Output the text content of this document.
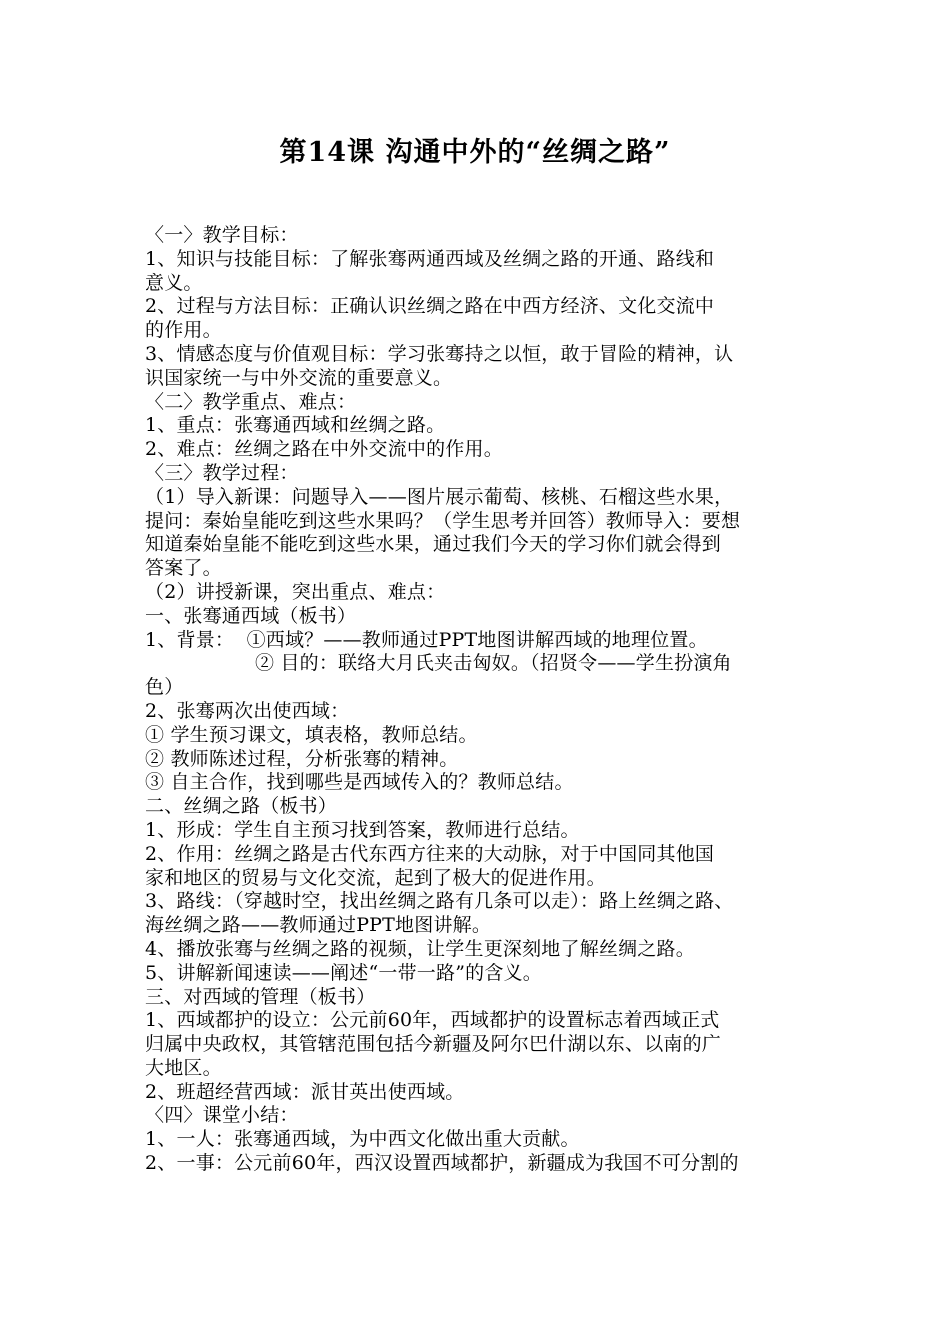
第14课 沟通中外的“丝绸之路”
〈一〉教学目标：
1、知识与技能目标：了解张骞两通西域及丝绸之路的开通、路线和
意义。
2、过程与方法目标：正确认识丝绸之路在中西方经济、文化交流中
的作用。
3、情感态度与价值观目标：学习张骞持之以恒，敢于冒险的精神，认
识国家统一与中外交流的重要意义。
〈二〉教学重点、难点：
1、重点：张骞通西域和丝绸之路。
2、难点：丝绸之路在中外交流中的作用。
〈三〉教学过程：
（1）导入新课：问题导入——图片展示葡萄、核桃、石榴这些水果，
提问：秦始皇能吃到这些水果吗？（学生思考并回答）教师导入：要想
知道秦始皇能不能吃到这些水果，通过我们今天的学习你们就会得到
答案了。
（2）讲授新课，突出重点、难点：
一、张骞通西域（板书）
1、背景：  ①西域？——教师通过PPT地图讲解西域的地理位置。
② 目的：联络大月氏夹击匈奴。（招贤令——学生扮演角
色）
2、张骞两次出使西域：
① 学生预习课文，填表格，教师总结。
② 教师陈述过程，分析张骞的精神。
③ 自主合作，找到哪些是西域传入的？教师总结。
二、丝绸之路（板书）
1、形成：学生自主预习找到答案，教师进行总结。
2、作用：丝绸之路是古代东西方往来的大动脉，对于中国同其他国
家和地区的贸易与文化交流，起到了极大的促进作用。
3、路线：（穿越时空，找出丝绸之路有几条可以走）：路上丝绸之路、
海丝绸之路——教师通过PPT地图讲解。
4、播放张骞与丝绸之路的视频，让学生更深刻地了解丝绸之路。
5、讲解新闻速读——阐述“一带一路”的含义。
三、对西域的管理（板书）
1、西域都护的设立：公元前60年，西域都护的设置标志着西域正式
归属中央政权，其管辖范围包括今新疆及阿尔巴什湖以东、以南的广
大地区。
2、班超经营西域：派甘英出使西域。
〈四〉课堂小结：
1、一人：张骞通西域，为中西文化做出重大贡献。
2、一事：公元前60年，西汉设置西域都护，新疆成为我国不可分割的
